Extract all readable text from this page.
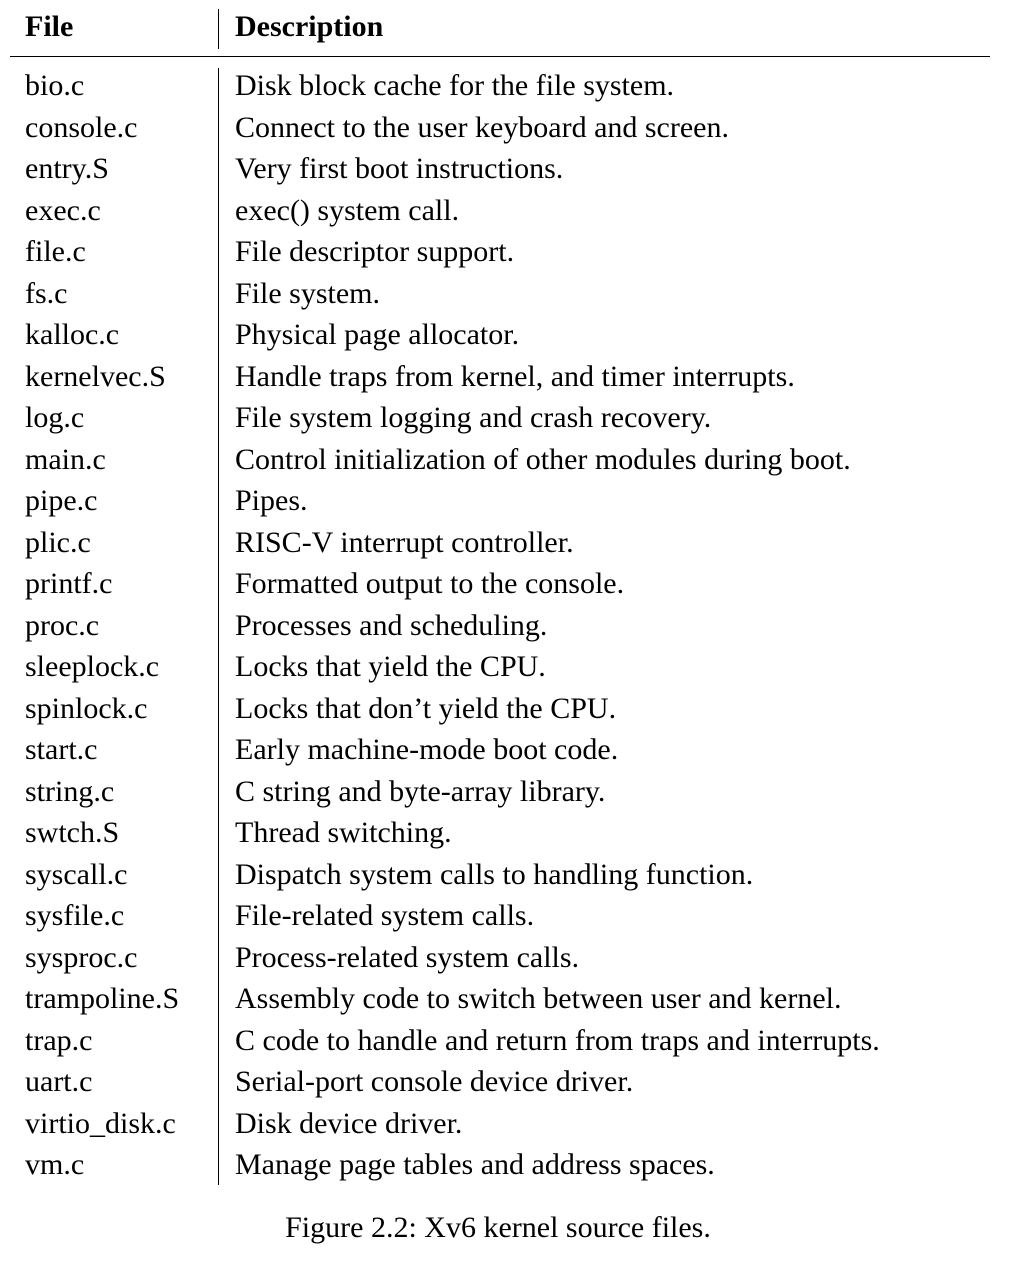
File	Description
bio.c	Disk block cache for the file system.
console.c	Connect to the user keyboard and screen.
entry.S	Very first boot instructions.
exec.c	exec() system call.
file.c	File descriptor support.
fs.c	File system.
kalloc.c	Physical page allocator.
kernelvec.S Handle traps from kernel, and timer interrupts.
log.c	File system logging and crash recovery.
main.c	Control initialization of other modules during boot.
pipe.c	Pipes.
plic.c	RISC-V interrupt controller.
printf.c	Formatted output to the console.
proc.c	Processes and scheduling.
sleeplock.c	Locks that yield the CPU.
spinlock.c	Locks that don’t yield the CPU.
start.c	Early machine-mode boot code.
string.c	C string and byte-array library.
swtch.S	Thread switching.
syscall.c	Dispatch system calls to handling function.
sysfile.c	File-related system calls.
sysproc.c	Process-related system calls.
trampoline.S Assembly code to switch between user and kernel.
trap.c	C code to handle and return from traps and interrupts.
uart.c	Serial-port console device driver.
virtio_disk.c Disk device driver.
vm.c	Manage page tables and address spaces.
Figure 2.2: Xv6 kernel source files.
